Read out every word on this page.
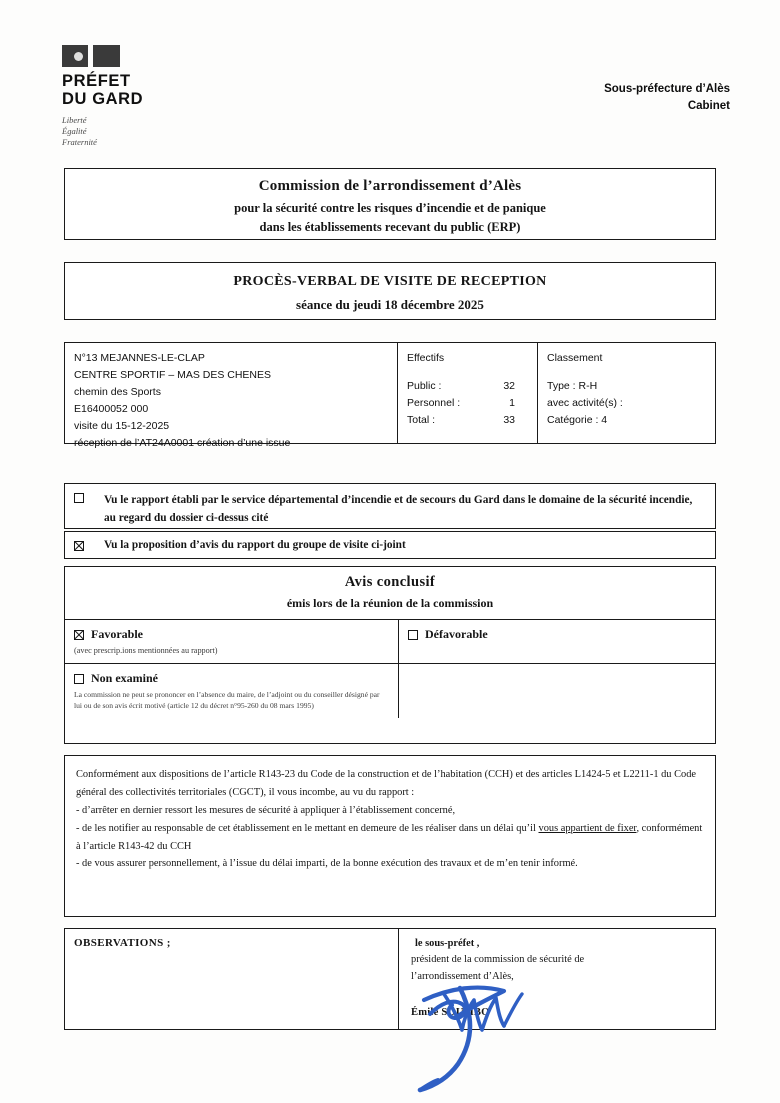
PRÉFET
DU GARD
Liberté
Égalité
Fraternité
Sous-préfecture d’Alès
Cabinet
Commission de l’arrondissement d’Alès
pour la sécurité contre les risques d’incendie et de panique
dans les établissements recevant du public (ERP)
PROCÈS-VERBAL DE VISITE DE RECEPTION
séance du jeudi 18 décembre 2025
N°13 MEJANNES-LE-CLAP
CENTRE SPORTIF – MAS DES CHENES
chemin des Sports
E16400052 000
visite du 15-12-2025
réception de l’AT24A0001 création d’une issue
Effectifs
Public :	32
Personnel :	1
Total :	33
Classement
Type : R-H
avec activité(s) :
Catégorie : 4
Vu le rapport établi par le service départemental d’incendie et de secours du Gard dans le domaine de la sécurité incendie, au regard du dossier ci-dessus cité
Vu la proposition d’avis du rapport du groupe de visite ci-joint
Avis conclusif
émis lors de la réunion de la commission
Favorable
(avec prescrip.ions mentionnées au rapport)
Défavorable
Non examiné
La commission ne peut se prononcer en l’absence du maire, de l’adjoint ou du conseiller désigné par lui ou de son avis écrit motivé (article 12 du décret n°95-260 du 08 mars 1995)

Conformément aux dispositions de l’article R143-23 du Code de la construction et de l’habitation (CCH) et des articles L1424-5 et L2211-1 du Code général des collectivités territoriales (CGCT), il vous incombe, au vu du rapport :

- d’arrêter en dernier ressort les mesures de sécurité à appliquer à l’établissement concerné,

- de les notifier au responsable de cet établissement en le mettant en demeure de les réaliser dans un délai qu’il vous appartient de fixer, conformément à l’article R143-42 du CCH

- de vous assurer personnellement, à l’issue du délai imparti, de la bonne exécution des travaux et de m’en tenir informé.

OBSERVATIONS ;	le sous-préfet ,
président de la commission de sécurité de
l’arrondissement d’Alès,
Émile SOUMBO
